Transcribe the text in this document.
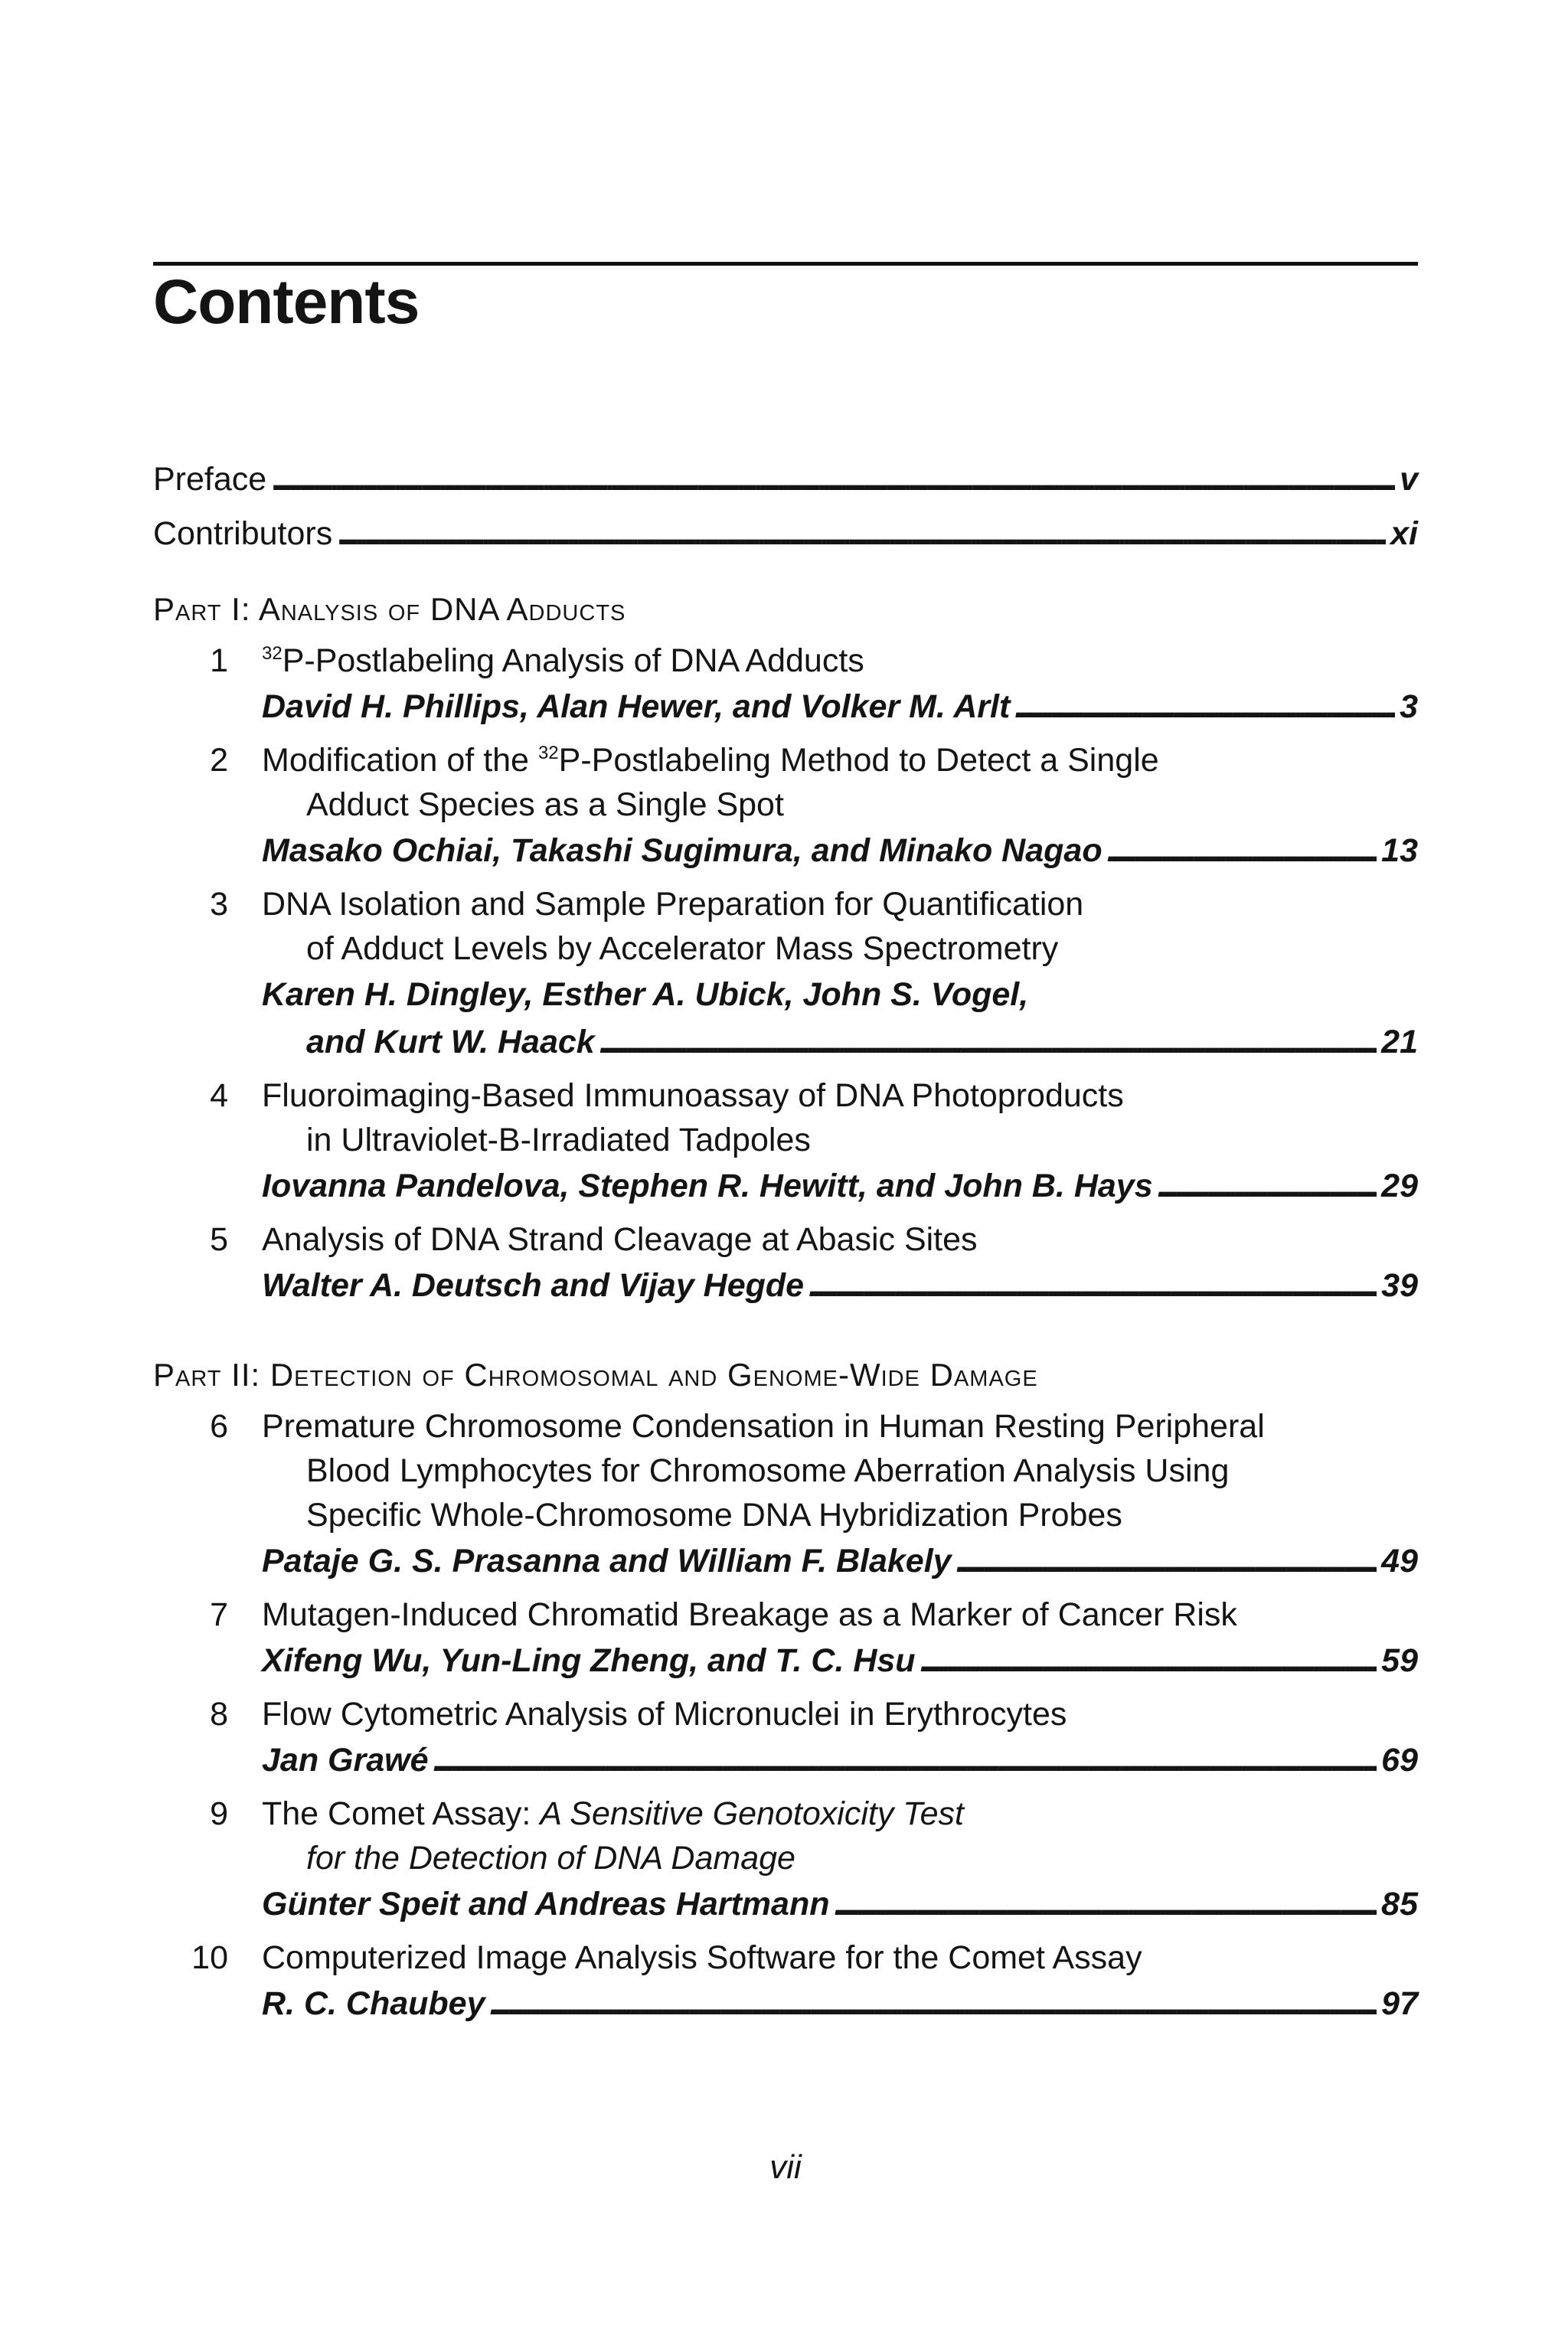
Contents
Preface . . .	v
Contributors . . .	xi
Part I: Analysis of DNA Adducts
1 $^{32}$P-Postlabeling Analysis of DNA Adducts
David H. Phillips, Alan Hewer, and Volker M. Arlt . . .	3
2 Modification of the $^{32}$P-Postlabeling Method to Detect a Single
Adduct Species as a Single Spot
Masako Ochiai, Takashi Sugimura, and Minako Nagao . . .	13
3 DNA Isolation and Sample Preparation for Quantification
of Adduct Levels by Accelerator Mass Spectrometry
Karen H. Dingley, Esther A. Ubick, John S. Vogel,
and Kurt W. Haack . . .	21
4 Fluoroimaging-Based Immunoassay of DNA Photoproducts
in Ultraviolet-B-Irradiated Tadpoles
Iovanna Pandelova, Stephen R. Hewitt, and John B. Hays . . .	29
5 Analysis of DNA Strand Cleavage at Abasic Sites
Walter A. Deutsch and Vijay Hegde . . .	39
Part II: Detection of Chromosomal and Genome-Wide Damage
6 Premature Chromosome Condensation in Human Resting Peripheral
Blood Lymphocytes for Chromosome Aberration Analysis Using
Specific Whole-Chromosome DNA Hybridization Probes
Pataje G. S. Prasanna and William F. Blakely . . .	49
7 Mutagen-Induced Chromatid Breakage as a Marker of Cancer Risk
Xifeng Wu, Yun-Ling Zheng, and T. C. Hsu . . .	59
8 Flow Cytometric Analysis of Micronuclei in Erythrocytes
Jan Grawé . . .	69
9 The Comet Assay: A Sensitive Genotoxicity Test
for the Detection of DNA Damage
Günter Speit and Andreas Hartmann . . .	85
10 Computerized Image Analysis Software for the Comet Assay
R. C. Chaubey . . .	97
vii
